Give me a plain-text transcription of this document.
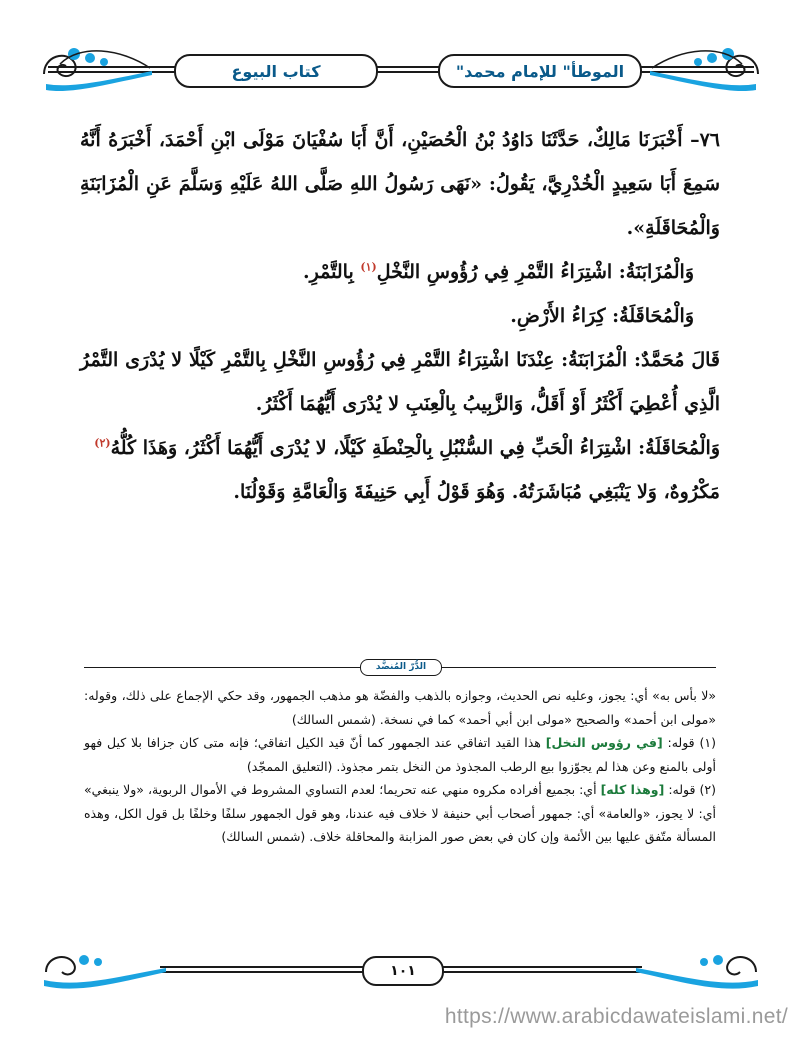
كتاب البيوع	"الموطأ" للإمام محمد

٧٦– أَخْبَرَنَا مَالِكٌ، حَدَّثَنَا دَاوُدُ بْنُ الْحُصَيْنِ، أَنَّ أَبَا سُفْيَانَ مَوْلَى ابْنِ أَحْمَدَ، أَخْبَرَهُ أَنَّهُ سَمِعَ أَبَا سَعِيدٍ الْخُدْرِيَّ، يَقُولُ: «نَهَى رَسُولُ اللهِ صَلَّى اللهُ عَلَيْهِ وَسَلَّمَ عَنِ الْمُزَابَنَةِ وَالْمُحَاقَلَةِ».

وَالْمُزَابَنَةُ: اشْتِرَاءُ التَّمْرِ فِي رُؤُوسِ النَّخْلِ$^{(١)}$ بِالتَّمْرِ.

وَالْمُحَاقَلَةُ: كِرَاءُ الأَرْضِ.

قَالَ مُحَمَّدٌ: الْمُزَابَنَةُ: عِنْدَنَا اشْتِرَاءُ التَّمْرِ فِي رُؤُوسِ النَّخْلِ بِالتَّمْرِ كَيْلًا لا يُدْرَى التَّمْرُ الَّذِي أُعْطِيَ أَكْثَرُ أَوْ أَقَلُّ، وَالزَّبِيبُ بِالْعِنَبِ لا يُدْرَى أَيُّهُمَا أَكْثَرُ.

وَالْمُحَاقَلَةُ: اشْتِرَاءُ الْحَبِّ فِي السُّنْبُلِ بِالْحِنْطَةِ كَيْلًا، لا يُدْرَى أَيُّهُمَا أَكْثَرُ، وَهَذَا كُلُّهُ$^{(٢)}$

مَكْرُوهٌ، وَلا يَنْبَغِي مُبَاشَرَتُهُ. وَهُوَ قَوْلُ أَبِي حَنِيفَةَ وَالْعَامَّةِ وَقَوْلُنَا.

الدُّرّ المُنضَّد

«لا بأس به» أي: يجوز، وعليه نص الحديث، وجوازه بالذهب والفضّة هو مذهب الجمهور، وقد حكي الإجماع على ذلك، وقوله: «مولى ابن أحمد» والصحيح «مولى ابن أبي أحمد» كما في نسخة. (شمس السالك)

(١) قوله: [في رؤوس النخل] هذا القيد اتفاقي عند الجمهور كما أنّ قيد الكيل اتفاقي؛ فإنه متى كان جزافا بلا كيل فهو أولى بالمنع وعن هذا لم يجوّزوا بيع الرطب المجذوذ من النخل بتمر مجذوذ. (التعليق الممجّد)

(٢) قوله: [وهذا كله] أي: بجميع أفراده مكروه منهي عنه تحريما؛ لعدم التساوي المشروط في الأموال الربوية، «ولا ينبغي» أي: لا يجوز، «والعامة» أي: جمهور أصحاب أبي حنيفة لا خلاف فيه عندنا، وهو قول الجمهور سلفًا وخلفًا بل قول الكل، وهذه المسألة متّفق عليها بين الأئمة وإن كان في بعض صور المزابنة والمحاقلة خلاف. (شمس السالك)

١٠١
https://www.arabicdawateislami.net/
